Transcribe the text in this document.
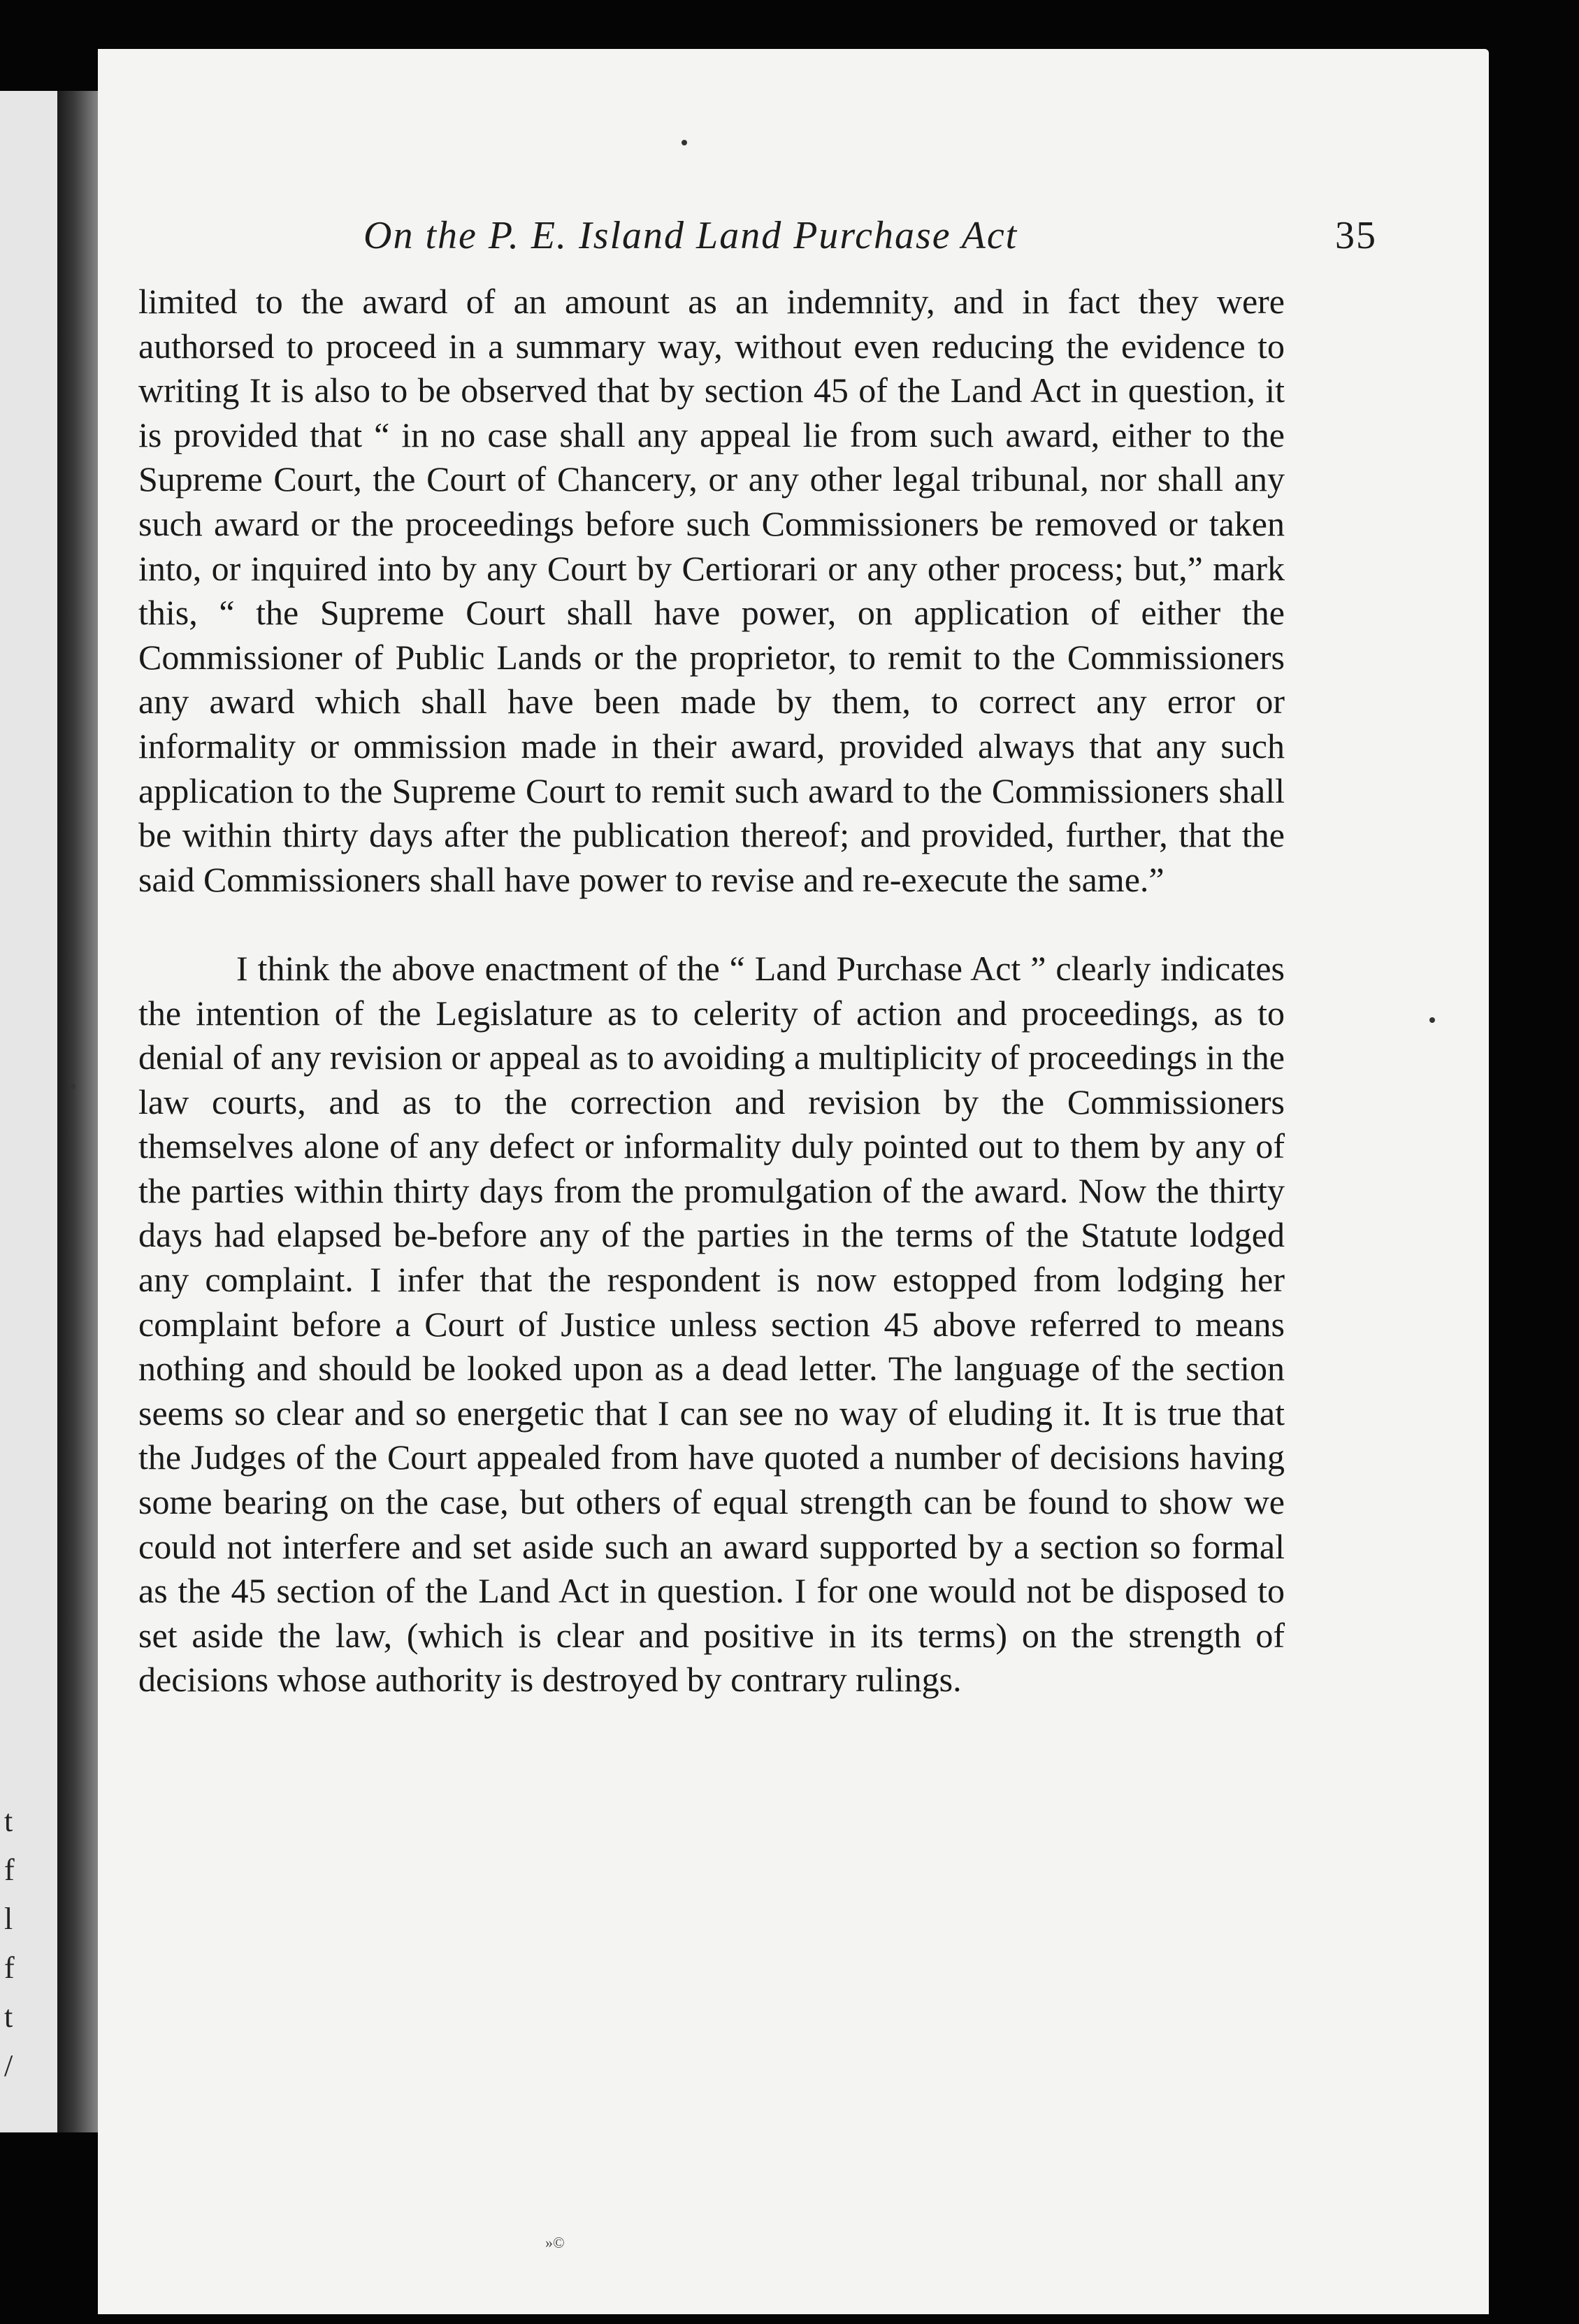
t
f
l
f
t
/
On the P. E. Island Land Purchase Act	35

limited to the award of an amount as an indemnity, and in fact they were authorsed to proceed in a summary way, without even reducing the evidence to writing It is also to be observed that by section 45 of the Land Act in question, it is provided that “ in no case shall any appeal lie from such award, either to the Supreme Court, the Court of Chancery, or any other legal tribunal, nor shall any such award or the proceedings before such Commissioners be removed or taken into, or inquired into by any Court by Certiorari or any other process; but,” mark this, “ the Supreme Court shall have power, on application of either the Commissioner of Public Lands or the proprietor, to remit to the Commissioners any award which shall have been made by them, to correct any error or informality or ommission made in their award, provided always that any such application to the Supreme Court to remit such award to the Commissioners shall be within thirty days after the publication thereof; and provided, further, that the said Commissioners shall have power to revise and re-execute the same.”

I think the above enactment of the “ Land Purchase Act ” clearly indicates the intention of the Legislature as to celerity of action and proceedings, as to denial of any revision or appeal as to avoiding a multiplicity of proceedings in the law courts, and as to the correction and revision by the Commissioners themselves alone of any defect or informality duly pointed out to them by any of the parties within thirty days from the promulgation of the award. Now the thirty days had elapsed be-before any of the parties in the terms of the Statute lodged any complaint. I infer that the respondent is now estopped from lodging her complaint before a Court of Justice unless section 45 above referred to means nothing and should be looked upon as a dead letter. The language of the section seems so clear and so energetic that I can see no way of eluding it. It is true that the Judges of the Court appealed from have quoted a number of decisions having some bearing on the case, but others of equal strength can be found to show we could not interfere and set aside such an award supported by a section so formal as the 45 section of the Land Act in question. I for one would not be disposed to set aside the law, (which is clear and positive in its terms) on the strength of decisions whose authority is destroyed by contrary rulings.

»©
